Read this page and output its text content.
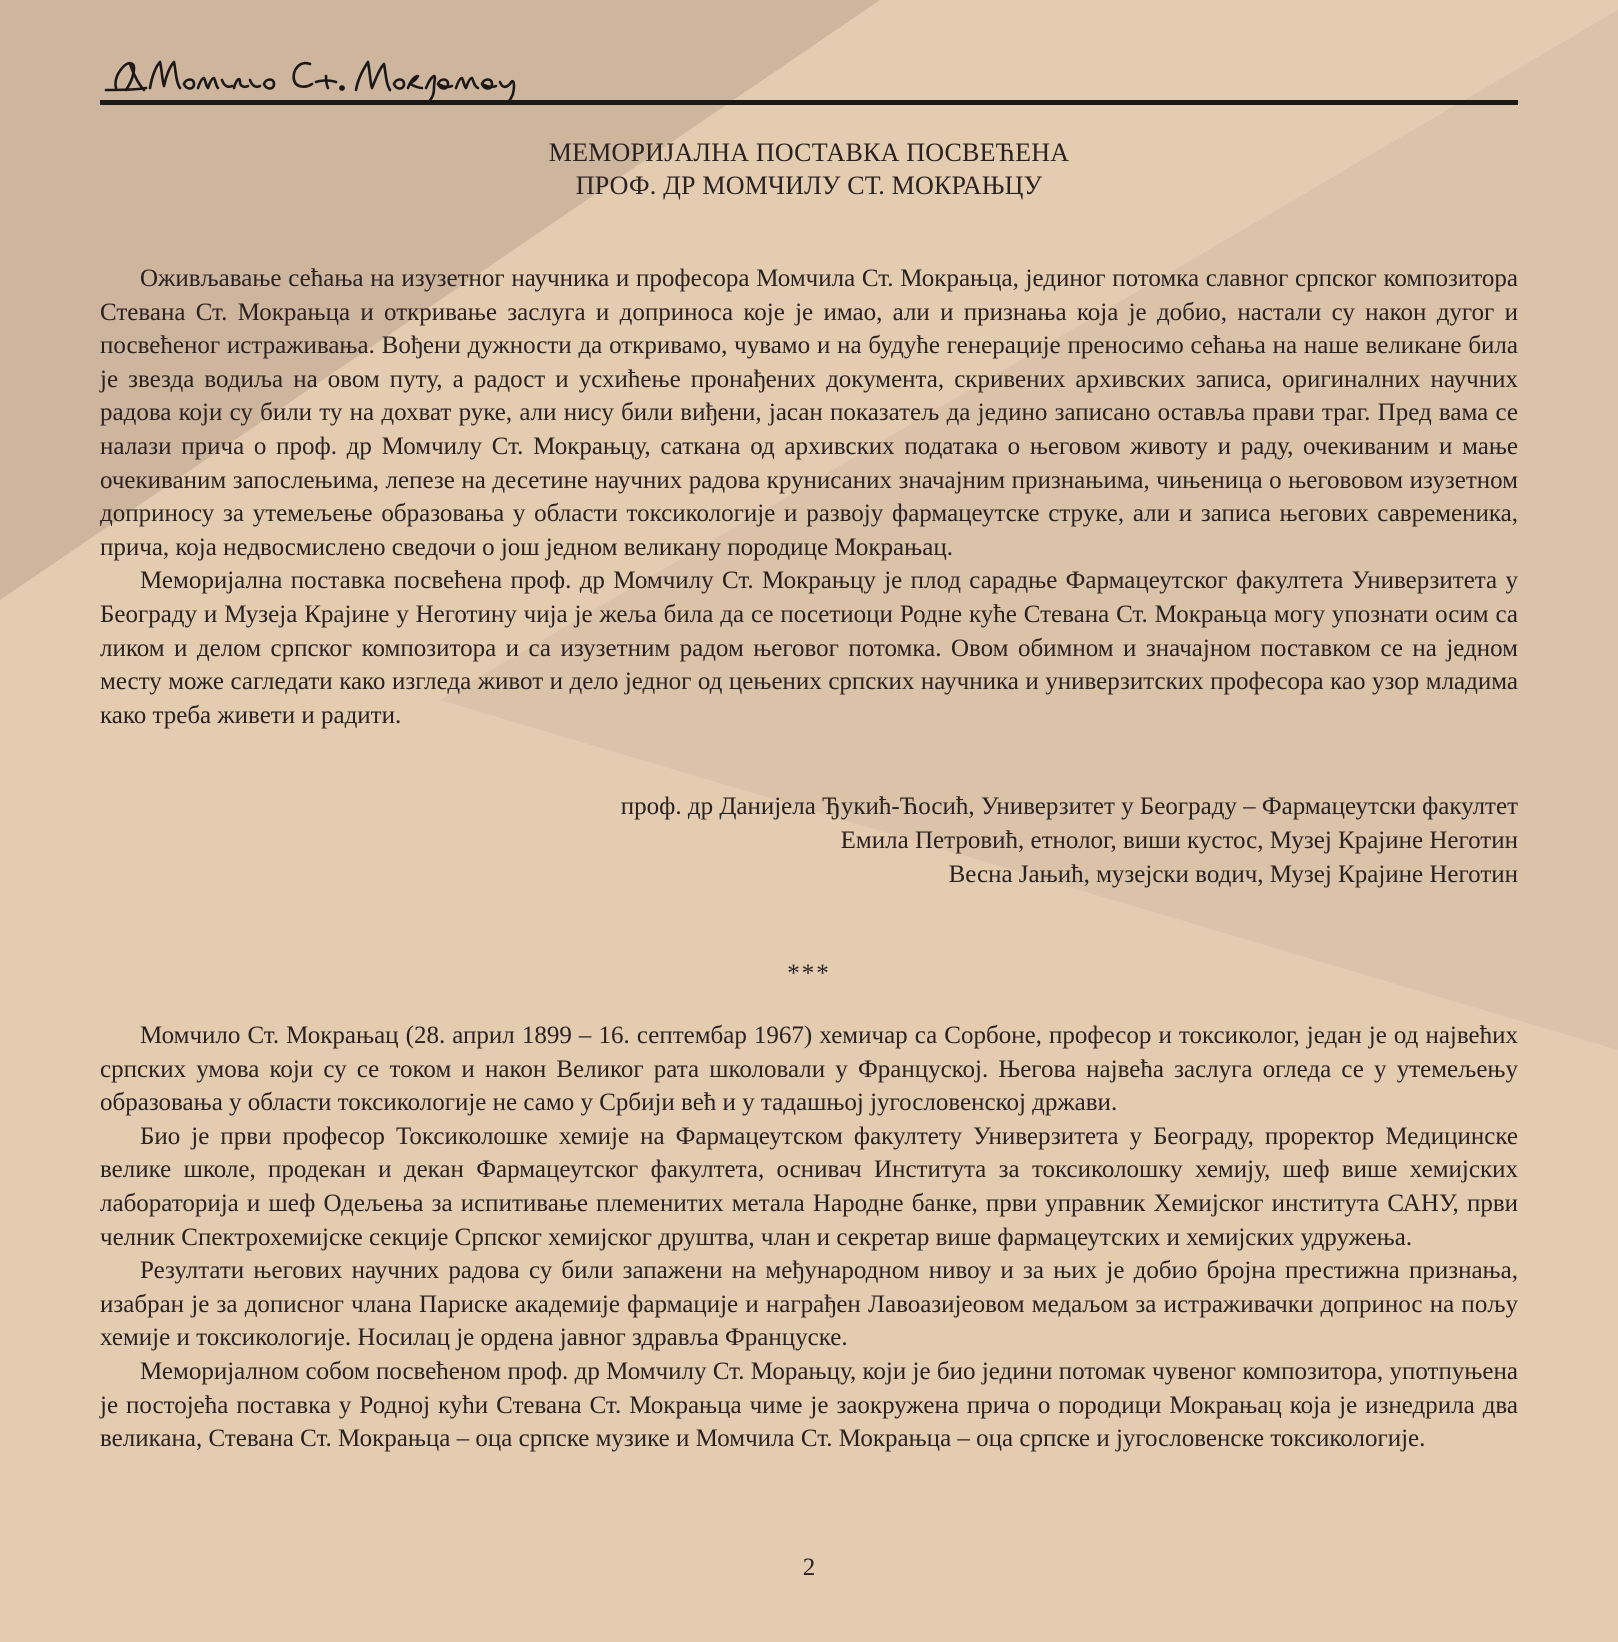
МЕМОРИЈАЛНА ПОСТАВКА ПОСВЕЋЕНА
ПРОФ. ДР МОМЧИЛУ СТ. МОКРАЊЦУ

Оживљавање сећања на изузетног научника и професора Момчила Ст. Мокрањца, јединог потомка славног српског композитора Стевана Ст. Мокрањца и откривање заслуга и доприноса које је имао, али и признања која је добио, настали су након дугог и посвећеног истраживања. Вођени дужности да откривамо, чувамо и на будуће генерације преносимо сећања на наше великане била је звезда водиља на овом путу, а радост и усхићење пронађених документа, скривених архивских записа, оригиналних научних радова који су били ту на дохват руке, али нису били виђени, јасан показатељ да једино записано оставља прави траг. Пред вама се налази прича о проф. др Момчилу Ст. Мокрањцу, саткана од архивских података о његовом животу и раду, очекиваним и мање очекиваним запослењима, лепезе на десетине научних радова крунисаних значајним признањима, чињеница о његововом изузетном доприносу за утемељење образовања у области токсикологије и развоју фармацеутске струке, али и записа његових савременика, прича, која недвосмислено сведочи о још једном великану породице Мокрањац.

Меморијална поставка посвећена проф. др Момчилу Ст. Мокрањцу је плод сарадње Фармацеутског факултета Универзитета у Београду и Музеја Крајине у Неготину чија је жеља била да се посетиоци Родне куће Стевана Ст. Мокрањца могу упознати осим са ликом и делом српског композитора и са изузетним радом његовог потомка. Овом обимном и значајном поставком се на једном месту може сагледати како изгледа живот и дело једног од цењених српских научника и универзитских професора као узор младима како треба живети и радити.

проф. др Данијела Ђукић-Ћосић, Универзитет у Београду – Фармацеутски факултет
Емила Петровић, етнолог, виши кустос, Музеј Крајине Неготин
Весна Јањић, музејски водич, Музеј Крајине Неготин
***

Момчило Ст. Мокрањац (28. април 1899 – 16. септембар 1967) хемичар са Сорбоне, професор и токсиколог, један је од највећих српских умова који су се током и након Великог рата школовали у Француској. Његова највећа заслуга огледа се у утемељењу образовања у области токсикологије не само у Србији већ и у тадашњој југословенској држави.

Био је први професор Токсиколошке хемије на Фармацеутском факултету Универзитета у Београду, проректор Медицинске велике школе, продекан и декан Фармацеутског факултета, оснивач Института за токсиколошку хемију, шеф више хемијских лабораторија и шеф Одељења за испитивање племенитих метала Народне банке, први управник Хемијског института САНУ, први челник Спектрохемијске секције Српског хемијског друштва, члан и секретар више фармацеутских и хемијских удружења.

Резултати његових научних радова су били запажени на међународном нивоу и за њих је добио бројна престижна признања, изабран је за дописног члана Париске академије фармације и награђен Лавоазијеовом медаљом за истраживачки допринос на пољу хемије и токсикологије. Носилац је ордена јавног здравља Француске.

Меморијалном собом посвећеном проф. др Момчилу Ст. Морањцу, који је био једини потомак чувеног композитора, употпуњена је постојећа поставка у Родној кући Стевана Ст. Мокрањца чиме је заокружена прича о породици Мокрањац која је изнедрила два великана, Стевана Ст. Мокрањца – оца српске музике и Момчила Ст. Мокрањца – оца српске и југословенске токсикологије.

2
